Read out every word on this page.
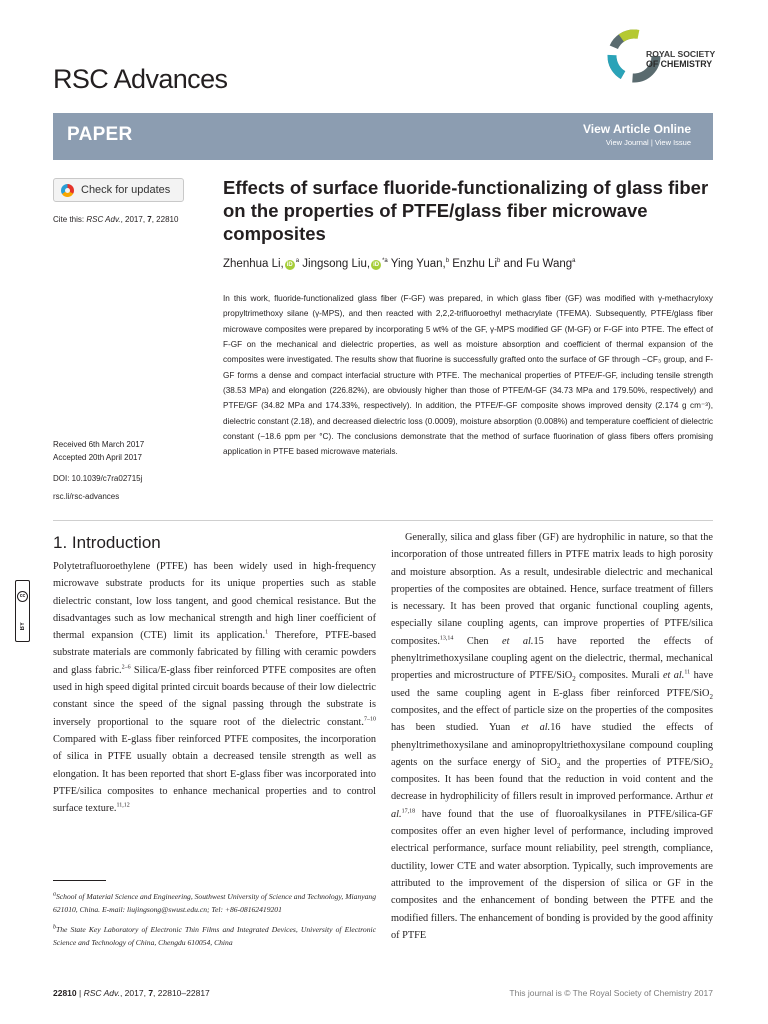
RSC Advances
ROYAL SOCIETY
OF CHEMISTRY
PAPER	View Article Online
View Journal | View Issue
Check for updates
Cite this: RSC Adv., 2017, 7, 22810
Effects of surface fluoride-functionalizing of glass fiber on the properties of PTFE/glass fiber microwave composites
Zhenhua Li, $iD^a$ Jingsong Liu, $iD^{*a}$ Ying Yuan,$^b$ Enzhu Li$^b$ and Fu Wang$^a$
In this work, fluoride-functionalized glass fiber (F-GF) was prepared, in which glass fiber (GF) was modified with γ-methacryloxy propyltrimethoxy silane (γ-MPS), and then reacted with 2,2,2-trifluoroethyl methacrylate (TFEMA). Subsequently, PTFE/glass fiber microwave composites were prepared by incorporating 5 wt% of the GF, γ-MPS modified GF (M-GF) or F-GF into PTFE. The effect of F-GF on the mechanical and dielectric properties, as well as moisture absorption and coefficient of thermal expansion of the composites were investigated. The results show that fluorine is successfully grafted onto the surface of GF through −CF₃ group, and F-GF forms a dense and compact interfacial structure with PTFE. The mechanical properties of PTFE/F-GF, including tensile strength (38.53 MPa) and elongation (226.82%), are obviously higher than those of PTFE/M-GF (34.73 MPa and 179.50%, respectively) and PTFE/GF (34.82 MPa and 174.33%, respectively). In addition, the PTFE/F-GF composite shows improved density (2.174 g cm⁻³), dielectric constant (2.18), and decreased dielectric loss (0.0009), moisture absorption (0.008%) and temperature coefficient of dielectric constant (−18.6 ppm per °C). The conclusions demonstrate that the method of surface fluorination of glass fibers offers promising application in PTFE based microwave materials.
Received 6th March 2017
Accepted 20th April 2017
DOI: 10.1039/c7ra02715j
rsc.li/rsc-advances
1. Introduction
cc
BY

Polytetrafluoroethylene (PTFE) has been widely used in high-frequency microwave substrate products for its unique properties such as stable dielectric constant, low loss tangent, and good chemical resistance. But the disadvantages such as low mechanical strength and high liner coefficient of thermal expansion (CTE) limit its application.$^1$ Therefore, PTFE-based substrate materials are commonly fabricated by filling with ceramic powders and glass fabric.$^{2-6}$ Silica/E-glass fiber reinforced PTFE composites are often used in high speed digital printed circuit boards because of their low dielectric constant since the speed of the signal passing through the substrate is inversely proportional to the square root of the dielectric constant.$^{7-10}$ Compared with E-glass fiber reinforced PTFE composites, the incorporation of silica in PTFE usually obtain a decreased tensile strength as well as elongation. It has been reported that short E-glass fiber was incorporated into PTFE/silica composites to enhance mechanical properties and to control surface texture.$^{11,12}$

Generally, silica and glass fiber (GF) are hydrophilic in nature, so that the incorporation of those untreated fillers in PTFE matrix leads to high porosity and moisture absorption. As a result, undesirable dielectric and mechanical properties of the composites are obtained. Hence, surface treatment of fillers is necessary. It has been proved that organic functional coupling agents, especially silane coupling agents, can improve properties of PTFE/silica composites.$^{13,14}$ Chen et al.15 have reported the effects of phenyltrimethoxysilane coupling agent on the dielectric, thermal, mechanical properties and microstructure of PTFE/SiO$_2$ composites. Murali et al.$^{11}$ have used the same coupling agent in E-glass fiber reinforced PTFE/SiO$_2$ composites, and the effect of particle size on the properties of the composites has been studied. Yuan et al.16 have studied the effects of phenyltrimethoxysilane and aminopropyltriethoxysilane compound coupling agents on the surface energy of SiO$_2$ and the properties of PTFE/SiO$_2$ composites. It has been found that the reduction in void content and the decrease in hydrophilicity of fillers result in improved performance. Arthur et al.$^{17,18}$ have found that the use of fluoroalkysilanes in PTFE/silica-GF composites offer an even higher level of performance, including improved electrical performance, surface mount reliability, peel strength, compliance, ductility, lower CTE and water absorption. Typically, such improvements are attributed to the improvement of the dispersion of silica or GF in the composites and the enhancement of bonding between the PTFE and the modified fillers. The enhancement of bonding is provided by the good affinity of PTFE

$^a$School of Material Science and Engineering, Southwest University of Science and Technology, Mianyang 621010, China. E-mail: liujingsong@swust.edu.cn; Tel: +86-08162419201

$^b$The State Key Laboratory of Electronic Thin Films and Integrated Devices, University of Electronic Science and Technology of China, Chengdu 610054, China

22810 | RSC Adv., 2017, 7, 22810–22817	This journal is © The Royal Society of Chemistry 2017
